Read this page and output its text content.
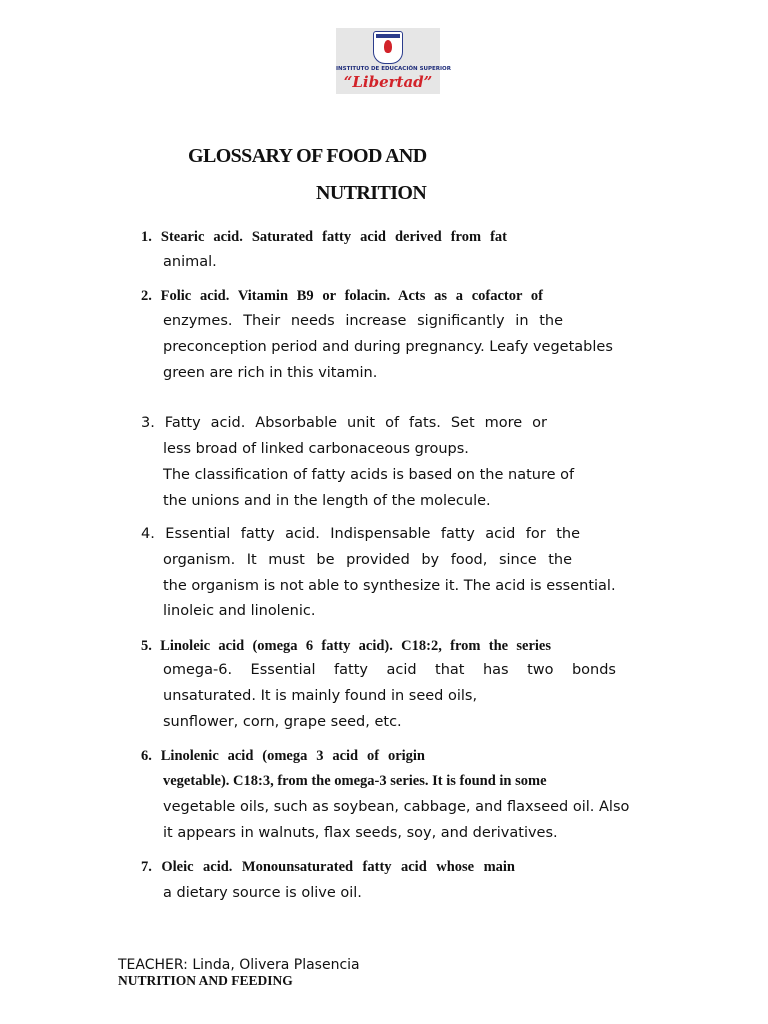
INSTITUTO DE EDUCACIÓN SUPERIOR
“Libertad”
GLOSSARY OF FOOD AND
NUTRITION
1. Stearic acid. Saturated fatty acid derived from fat
animal.
2. Folic acid. Vitamin B9 or folacin. Acts as a cofactor of
enzymes. Their needs increase significantly in the
preconception period and during pregnancy. Leafy vegetables
green are rich in this vitamin.
3. Fatty acid. Absorbable unit of fats. Set more or
less broad of linked carbonaceous groups.
The classification of fatty acids is based on the nature of
the unions and in the length of the molecule.
4. Essential fatty acid. Indispensable fatty acid for the
organism. It must be provided by food, since the
the organism is not able to synthesize it. The acid is essential.
linoleic and linolenic.
5. Linoleic acid (omega 6 fatty acid). C18:2, from the series
omega-6. Essential fatty acid that has two bonds
unsaturated. It is mainly found in seed oils,
sunflower, corn, grape seed, etc.
6. Linolenic acid (omega 3 acid of origin
vegetable). C18:3, from the omega-3 series. It is found in some
vegetable oils, such as soybean, cabbage, and flaxseed oil. Also
it appears in walnuts, flax seeds, soy, and derivatives.
7. Oleic acid. Monounsaturated fatty acid whose main
a dietary source is olive oil.
TEACHER: Linda, Olivera Plasencia
NUTRITION AND FEEDING
